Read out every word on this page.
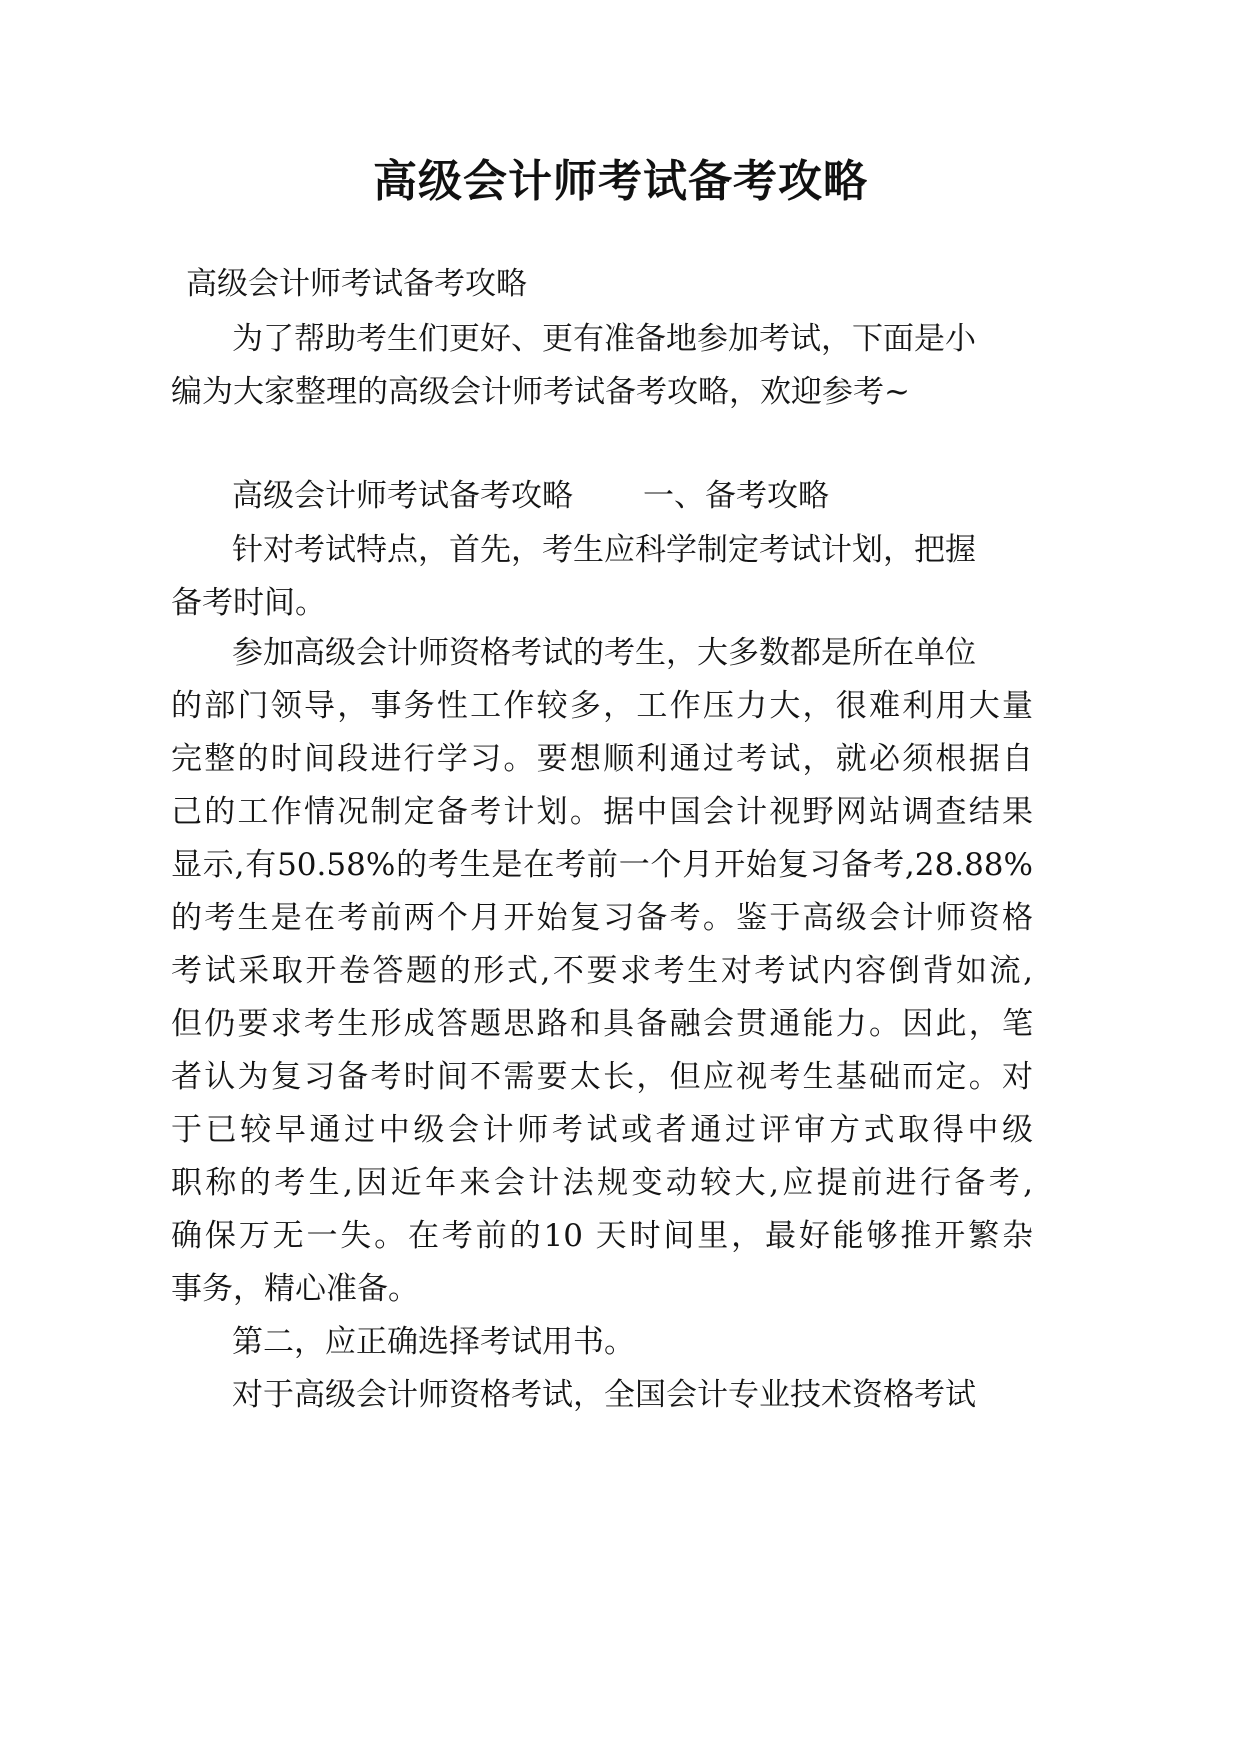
高级会计师考试备考攻略

高级会计师考试备考攻略

为了帮助考生们更好、更有准备地参加考试，下面是小

编为大家整理的高级会计师考试备考攻略，欢迎参考~

高级会计师考试备考攻略 一、备考攻略

针对考试特点，首先，考生应科学制定考试计划，把握

备考时间。

参加高级会计师资格考试的考生，大多数都是所在单位

的部门领导，事务性工作较多，工作压力大，很难利用大量

完整的时间段进行学习。要想顺利通过考试，就必须根据自

己的工作情况制定备考计划。据中国会计视野网站调查结果

显示,有50.58%的考生是在考前一个月开始复习备考,28.88%

的考生是在考前两个月开始复习备考。鉴于高级会计师资格

考试采取开卷答题的形式,不要求考生对考试内容倒背如流,

但仍要求考生形成答题思路和具备融会贯通能力。因此，笔

者认为复习备考时间不需要太长，但应视考生基础而定。对

于已较早通过中级会计师考试或者通过评审方式取得中级

职称的考生,因近年来会计法规变动较大,应提前进行备考,

确保万无一失。在考前的10 天时间里，最好能够推开繁杂

事务，精心准备。

第二，应正确选择考试用书。

对于高级会计师资格考试，全国会计专业技术资格考试
